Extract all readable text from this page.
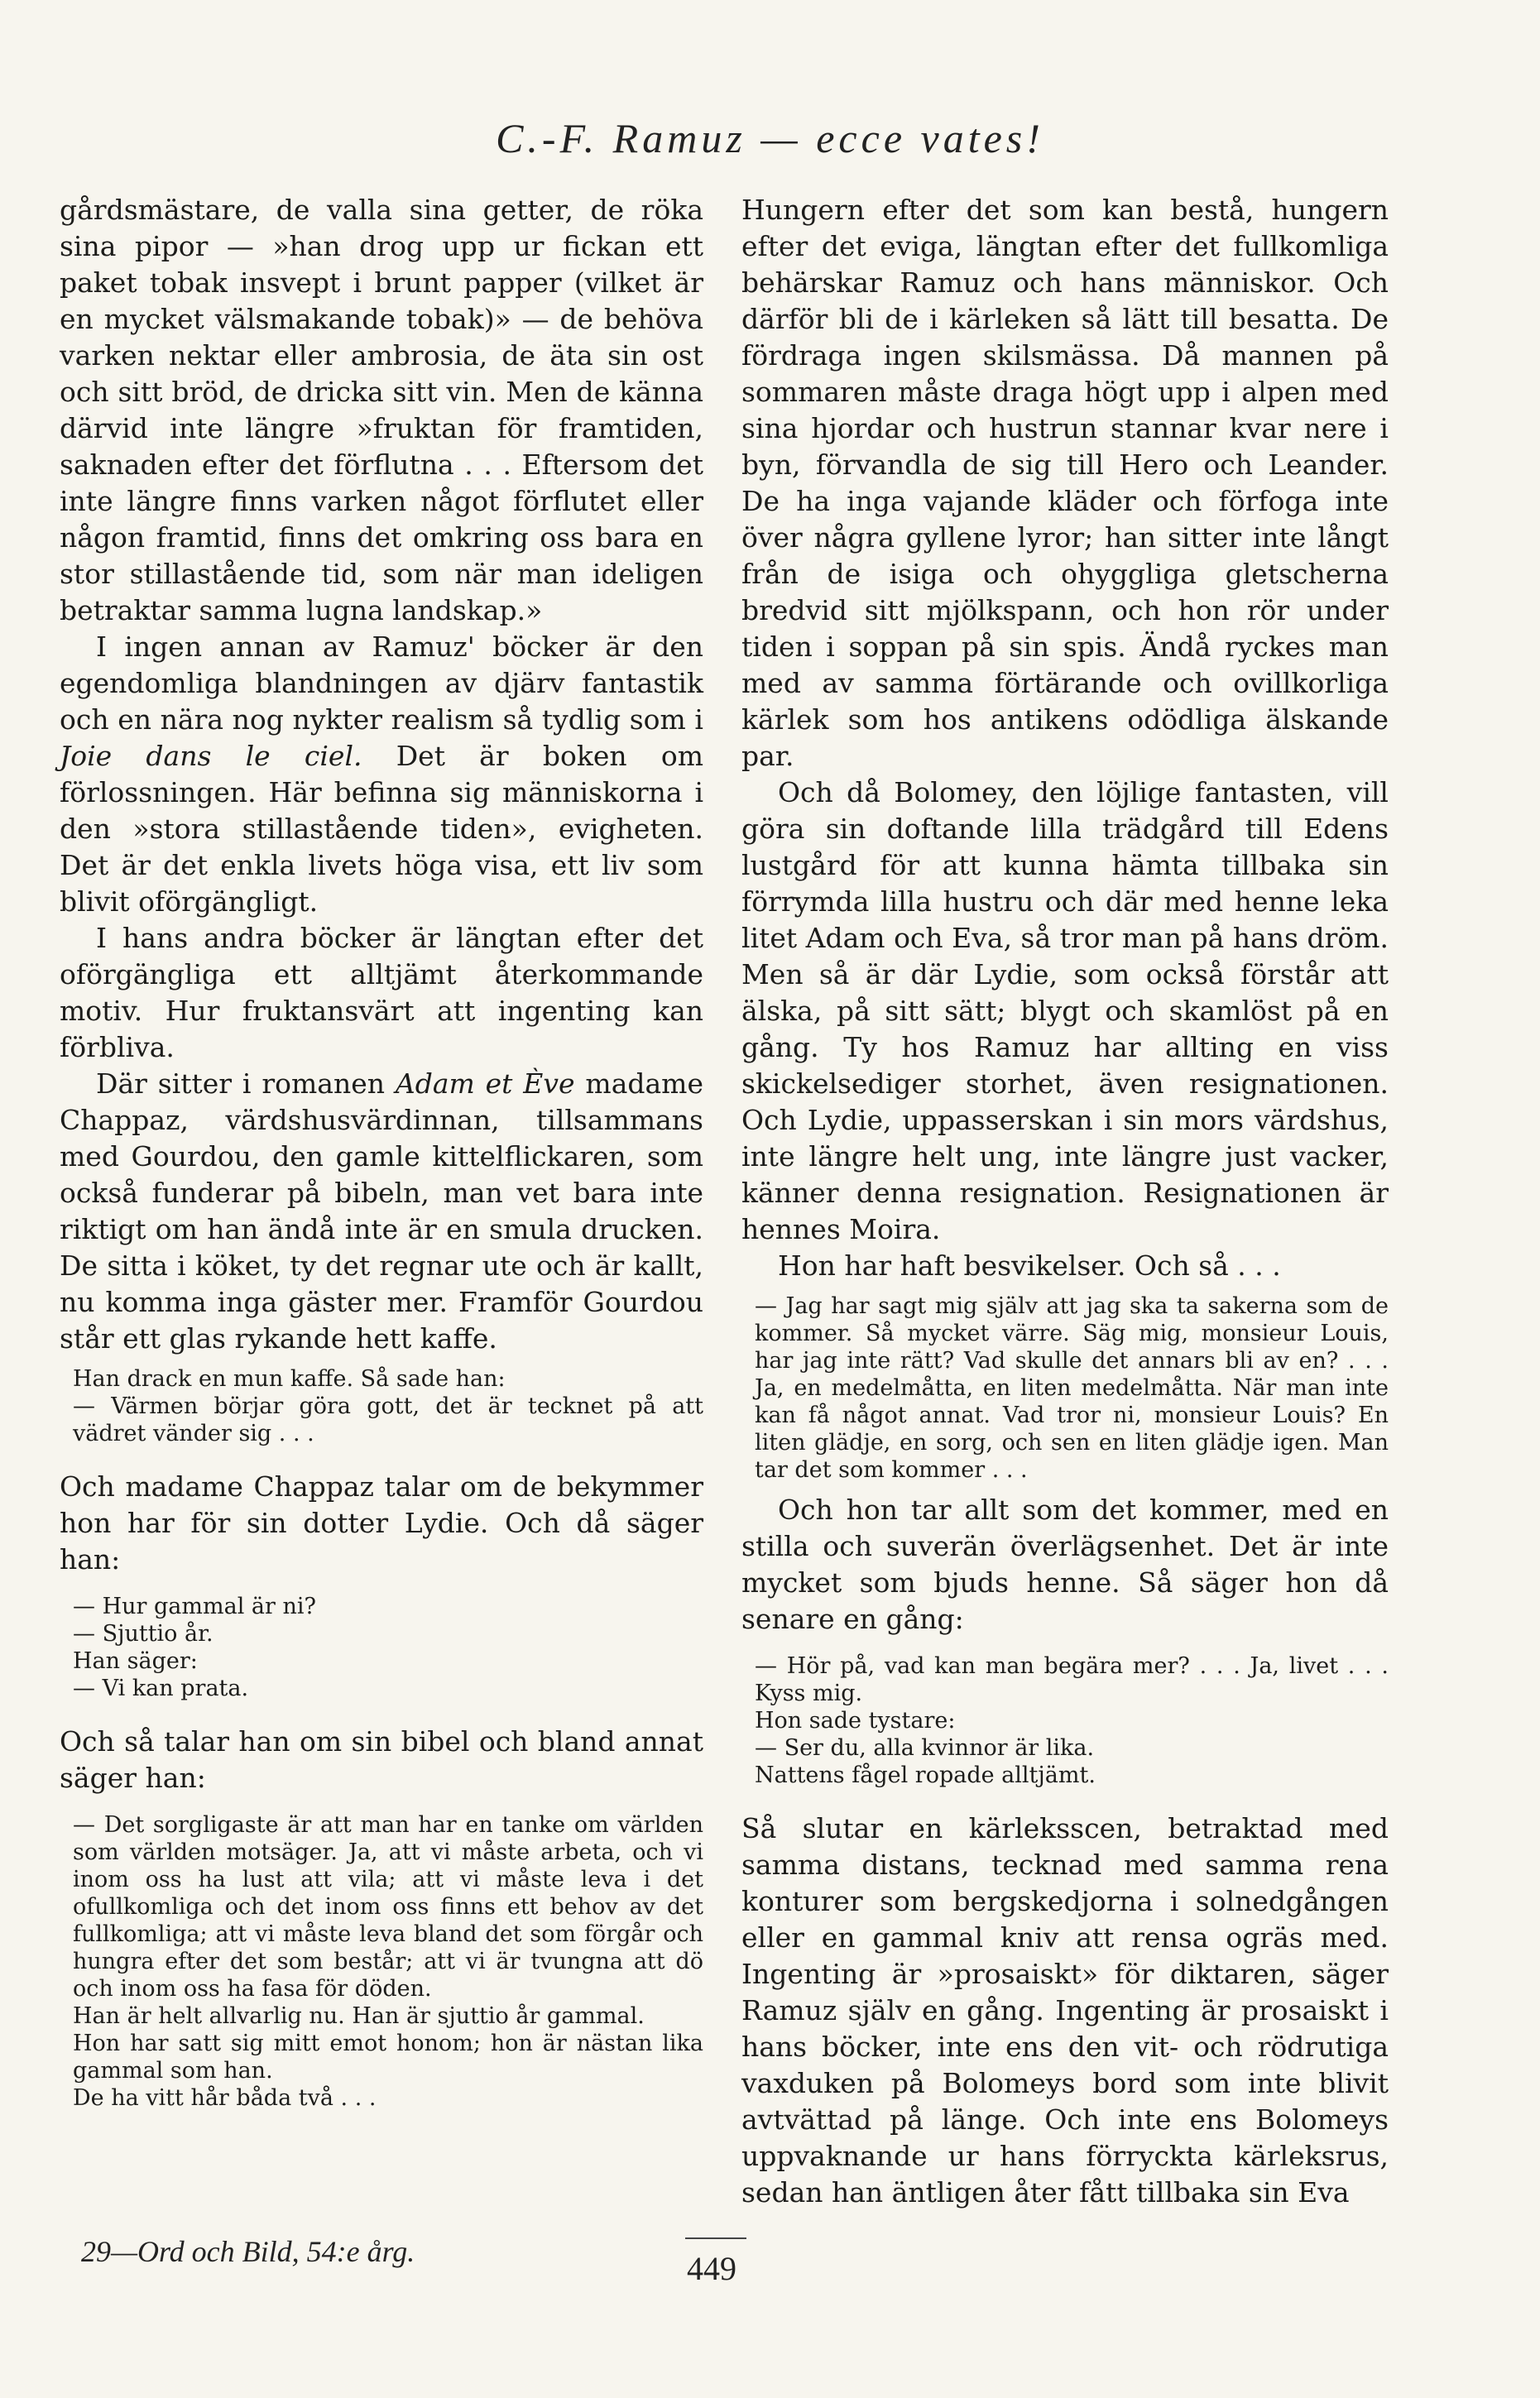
C.-F. Ramuz — ecce vates!

gårdsmästare, de valla sina getter, de röka sina pipor — »han drog upp ur fickan ett paket tobak insvept i brunt papper (vilket är en mycket välsmakande tobak)» — de behöva varken nektar eller ambrosia, de äta sin ost och sitt bröd, de dricka sitt vin. Men de känna därvid inte längre »fruktan för framtiden, saknaden efter det förflutna . . . Eftersom det inte längre finns varken något förflutet eller någon framtid, finns det omkring oss bara en stor stillastående tid, som när man ideligen betraktar samma lugna landskap.»

I ingen annan av Ramuz' böcker är den egendomliga blandningen av djärv fantastik och en nära nog nykter realism så tydlig som i Joie dans le ciel. Det är boken om förlossningen. Här befinna sig människorna i den »stora stillastående tiden», evigheten. Det är det enkla livets höga visa, ett liv som blivit oförgängligt.

I hans andra böcker är längtan efter det oförgängliga ett alltjämt återkommande motiv. Hur fruktansvärt att ingenting kan förbliva.

Där sitter i romanen Adam et Ève madame Chappaz, värdshusvärdinnan, tillsammans med Gourdou, den gamle kittelflickaren, som också funderar på bibeln, man vet bara inte riktigt om han ändå inte är en smula drucken. De sitta i köket, ty det regnar ute och är kallt, nu komma inga gäster mer. Framför Gourdou står ett glas rykande hett kaffe.

Han drack en mun kaffe. Så sade han:

— Värmen börjar göra gott, det är tecknet på att vädret vänder sig . . .

Och madame Chappaz talar om de bekymmer hon har för sin dotter Lydie. Och då säger han:

— Hur gammal är ni?

— Sjuttio år.

Han säger:

— Vi kan prata.

Och så talar han om sin bibel och bland annat säger han:

— Det sorgligaste är att man har en tanke om världen som världen motsäger. Ja, att vi måste arbeta, och vi inom oss ha lust att vila; att vi måste leva i det ofullkomliga och det inom oss finns ett behov av det fullkomliga; att vi måste leva bland det som förgår och hungra efter det som består; att vi är tvungna att dö och inom oss ha fasa för döden.

Han är helt allvarlig nu. Han är sjuttio år gammal.

Hon har satt sig mitt emot honom; hon är nästan lika gammal som han.

De ha vitt hår båda två . . .

Hungern efter det som kan bestå, hungern efter det eviga, längtan efter det fullkomliga behärskar Ramuz och hans människor. Och därför bli de i kärleken så lätt till besatta. De fördraga ingen skilsmässa. Då mannen på sommaren måste draga högt upp i alpen med sina hjordar och hustrun stannar kvar nere i byn, förvandla de sig till Hero och Leander. De ha inga vajande kläder och förfoga inte över några gyllene lyror; han sitter inte långt från de isiga och ohyggliga gletscherna bredvid sitt mjölkspann, och hon rör under tiden i soppan på sin spis. Ändå ryckes man med av samma förtärande och ovillkorliga kärlek som hos antikens odödliga älskande par.

Och då Bolomey, den löjlige fantasten, vill göra sin doftande lilla trädgård till Edens lustgård för att kunna hämta tillbaka sin förrymda lilla hustru och där med henne leka litet Adam och Eva, så tror man på hans dröm. Men så är där Lydie, som också förstår att älska, på sitt sätt; blygt och skamlöst på en gång. Ty hos Ramuz har allting en viss skickelsediger storhet, även resignationen. Och Lydie, uppasserskan i sin mors värdshus, inte längre helt ung, inte längre just vacker, känner denna resignation. Resignationen är hennes Moira.

Hon har haft besvikelser. Och så . . .

— Jag har sagt mig själv att jag ska ta sakerna som de kommer. Så mycket värre. Säg mig, monsieur Louis, har jag inte rätt? Vad skulle det annars bli av en? . . . Ja, en medelmåtta, en liten medelmåtta. När man inte kan få något annat. Vad tror ni, monsieur Louis? En liten glädje, en sorg, och sen en liten glädje igen. Man tar det som kommer . . .

Och hon tar allt som det kommer, med en stilla och suverän överlägsenhet. Det är inte mycket som bjuds henne. Så säger hon då senare en gång:

— Hör på, vad kan man begära mer? . . . Ja, livet . . . Kyss mig.

Hon sade tystare:

— Ser du, alla kvinnor är lika.

Nattens fågel ropade alltjämt.

Så slutar en kärleksscen, betraktad med samma distans, tecknad med samma rena konturer som bergskedjorna i solnedgången eller en gammal kniv att rensa ogräs med. Ingenting är »prosaiskt» för diktaren, säger Ramuz själv en gång. Ingenting är prosaiskt i hans böcker, inte ens den vit- och rödrutiga vaxduken på Bolomeys bord som inte blivit avtvättad på länge. Och inte ens Bolomeys uppvaknande ur hans förryckta kärleksrus, sedan han äntligen åter fått tillbaka sin Eva

29—Ord och Bild, 54:e årg.	449
